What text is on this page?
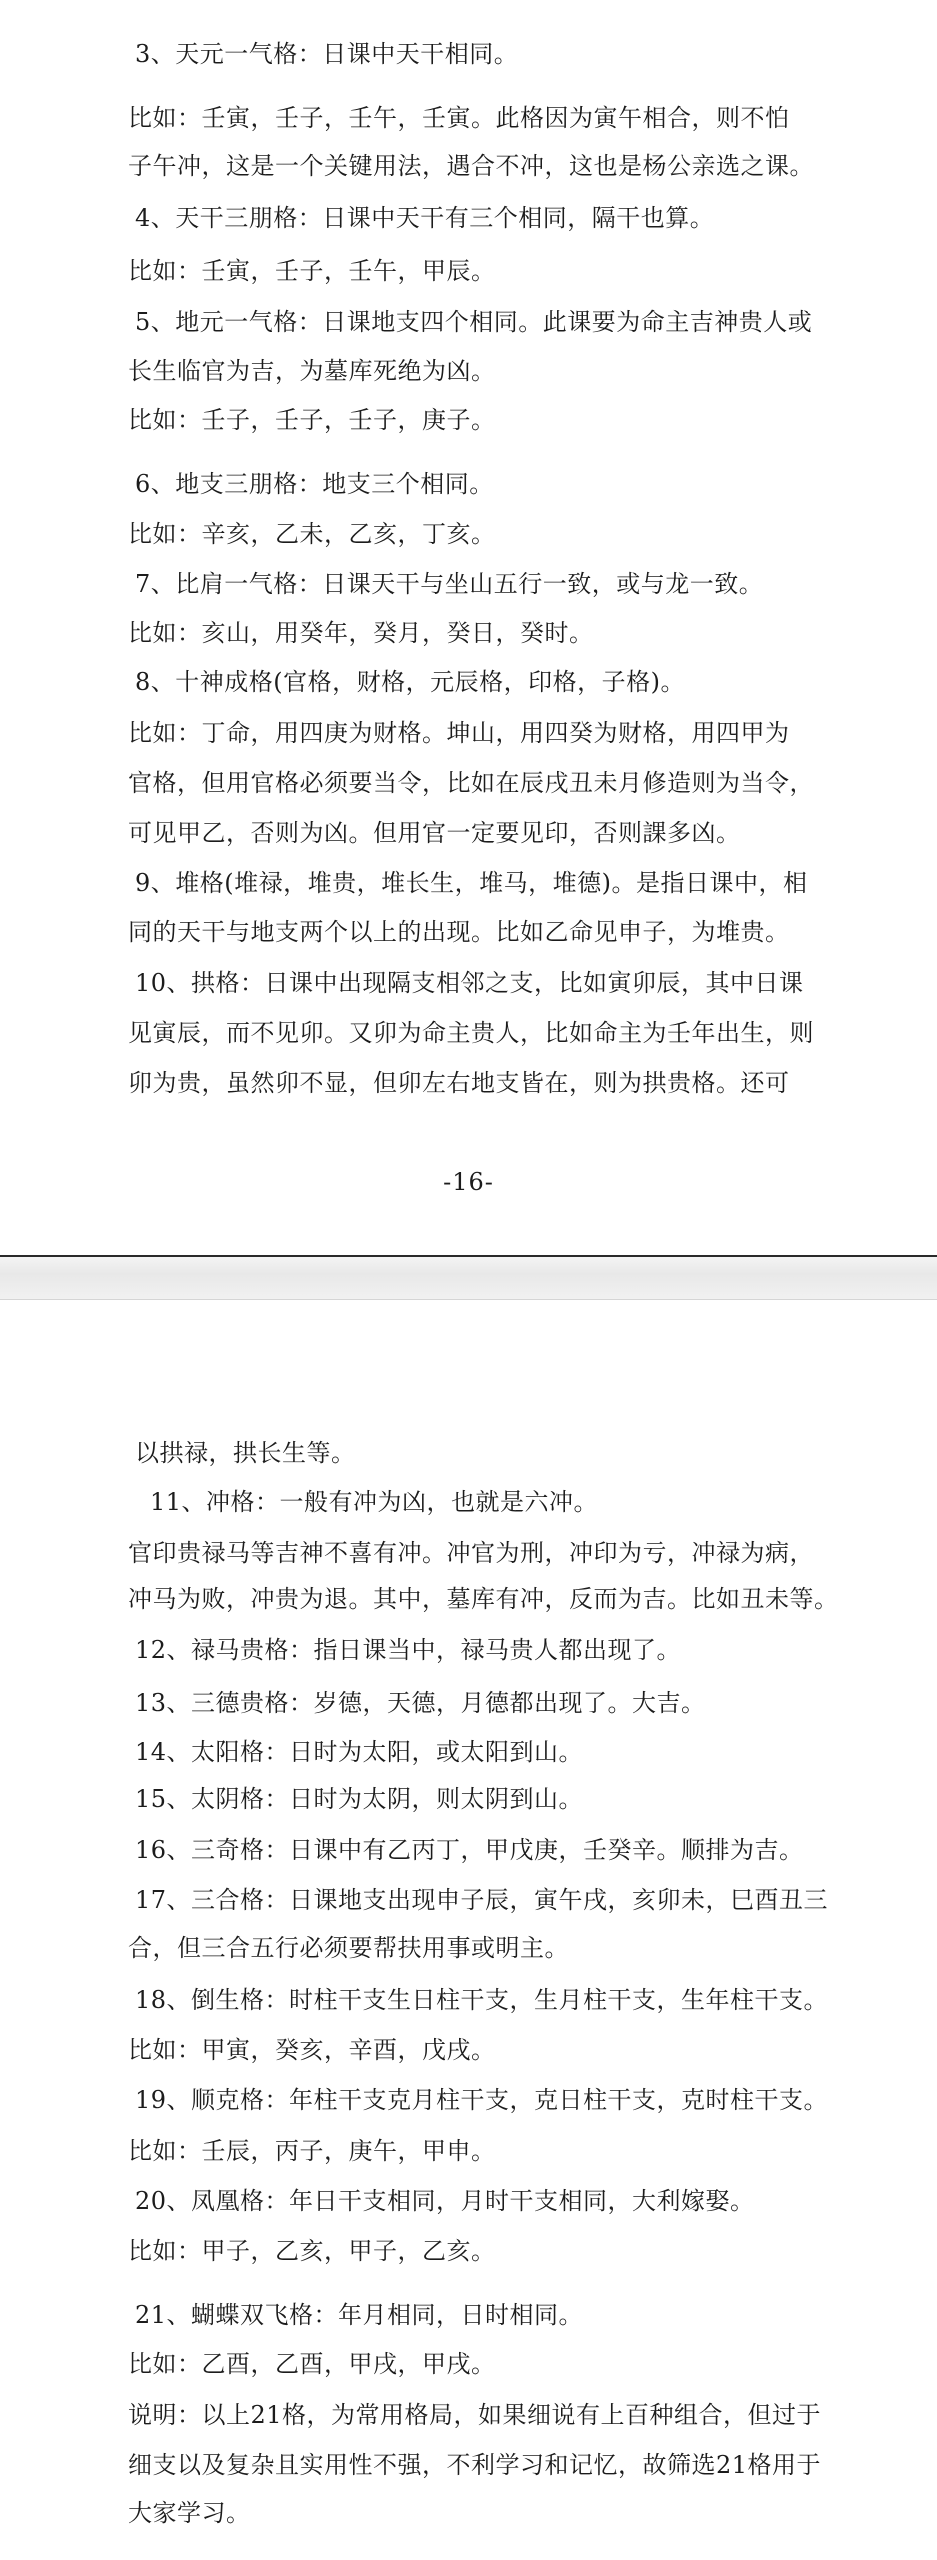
3、天元一气格：日课中天干相同。
比如：壬寅，壬子，壬午，壬寅。此格因为寅午相合，则不怕
子午冲，这是一个关键用法，遇合不冲，这也是杨公亲选之课。
4、天干三朋格：日课中天干有三个相同，隔干也算。
比如：壬寅，壬子，壬午，甲辰。
5、地元一气格：日课地支四个相同。此课要为命主吉神贵人或
长生临官为吉，为墓库死绝为凶。
比如：壬子，壬子，壬子，庚子。
6、地支三朋格：地支三个相同。
比如：辛亥，乙未，乙亥，丁亥。
7、比肩一气格：日课天干与坐山五行一致，或与龙一致。
比如：亥山，用癸年，癸月，癸日，癸时。
8、十神成格(官格，财格，元辰格，印格，子格)。
比如：丁命，用四庚为财格。坤山，用四癸为财格，用四甲为
官格，但用官格必须要当令，比如在辰戌丑未月修造则为当令，
可见甲乙，否则为凶。但用官一定要见印，否则課多凶。
9、堆格(堆禄，堆贵，堆长生，堆马，堆德)。是指日课中，相
同的天干与地支两个以上的出现。比如乙命见申子，为堆贵。
10、拱格：日课中出现隔支相邻之支，比如寅卯辰，其中日课
见寅辰，而不见卯。又卯为命主贵人，比如命主为壬年出生，则
卯为贵，虽然卯不显，但卯左右地支皆在，则为拱贵格。还可
-16-
以拱禄，拱长生等。
11、冲格：一般有冲为凶，也就是六冲。
官印贵禄马等吉神不喜有冲。冲官为刑，冲印为亏，冲禄为病，
冲马为败，冲贵为退。其中，墓库有冲，反而为吉。比如丑未等。
12、禄马贵格：指日课当中，禄马贵人都出现了。
13、三德贵格：岁德，天德，月德都出现了。大吉。
14、太阳格：日时为太阳，或太阳到山。
15、太阴格：日时为太阴，则太阴到山。
16、三奇格：日课中有乙丙丁，甲戊庚，壬癸辛。顺排为吉。
17、三合格：日课地支出现申子辰，寅午戌，亥卯未，巳酉丑三
合，但三合五行必须要帮扶用事或明主。
18、倒生格：时柱干支生日柱干支，生月柱干支，生年柱干支。
比如：甲寅，癸亥，辛酉，戊戌。
19、顺克格：年柱干支克月柱干支，克日柱干支，克时柱干支。
比如：壬辰，丙子，庚午，甲申。
20、凤凰格：年日干支相同，月时干支相同，大利嫁娶。
比如：甲子，乙亥，甲子，乙亥。
21、蝴蝶双飞格：年月相同，日时相同。
比如：乙酉，乙酉，甲戌，甲戌。
说明：以上21格，为常用格局，如果细说有上百种组合，但过于
细支以及复杂且实用性不强，不利学习和记忆，故筛选21格用于
大家学习。
